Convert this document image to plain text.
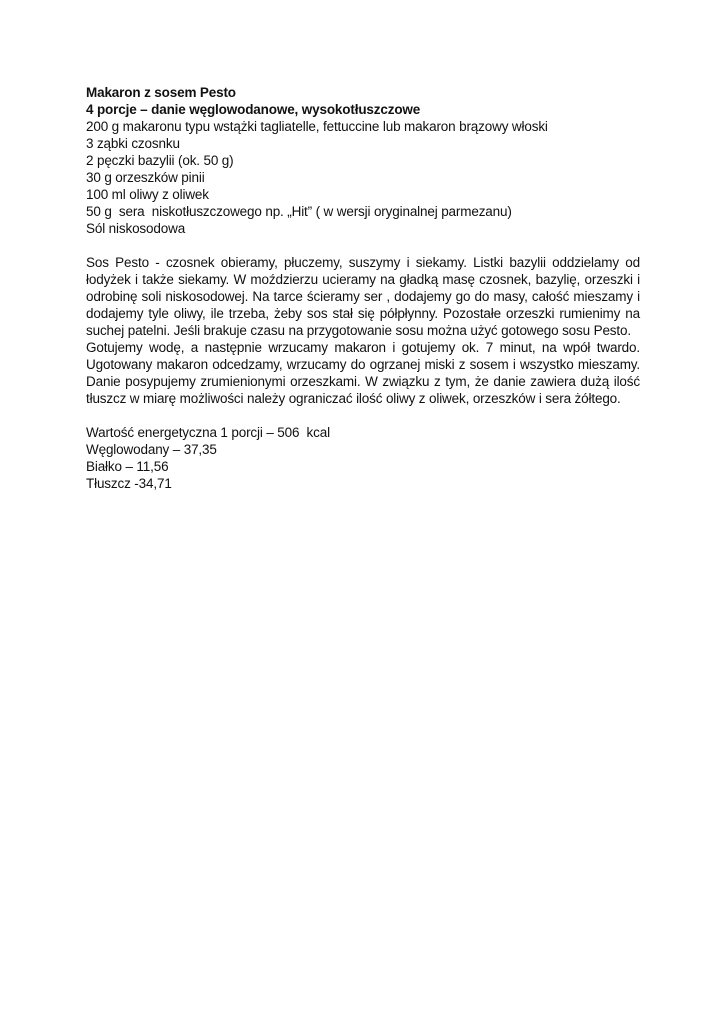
Makaron z sosem Pesto
4 porcje – danie węglowodanowe, wysokotłuszczowe
200 g makaronu typu wstążki tagliatelle, fettuccine lub makaron brązowy włoski
3 ząbki czosnku
2 pęczki bazylii (ok. 50 g)
30 g orzeszków pinii
100 ml oliwy z oliwek
50 g  sera  niskotłuszczowego np. „Hit” ( w wersji oryginalnej parmezanu)
Sól niskosodowa

Sos Pesto - czosnek obieramy, płuczemy, suszymy i siekamy. Listki bazylii oddzielamy od łodyżek i także siekamy. W moździerzu ucieramy na gładką masę czosnek, bazylię, orzeszki i odrobinę soli niskosodowej. Na tarce ścieramy ser , dodajemy go do masy, całość mieszamy i dodajemy tyle oliwy, ile trzeba, żeby sos stał się półpłynny. Pozostałe orzeszki rumienimy na suchej patelni. Jeśli brakuje czasu na przygotowanie sosu można użyć gotowego sosu Pesto.

Gotujemy wodę, a następnie wrzucamy makaron i gotujemy ok. 7 minut, na wpół twardo. Ugotowany makaron odcedzamy, wrzucamy do ogrzanej miski z sosem i wszystko mieszamy. Danie posypujemy zrumienionymi orzeszkami. W związku z tym, że danie zawiera dużą ilość tłuszcz w miarę możliwości należy ograniczać ilość oliwy z oliwek, orzeszków i sera żółtego.

Wartość energetyczna 1 porcji – 506  kcal
Węglowodany – 37,35
Białko – 11,56
Tłuszcz -34,71
